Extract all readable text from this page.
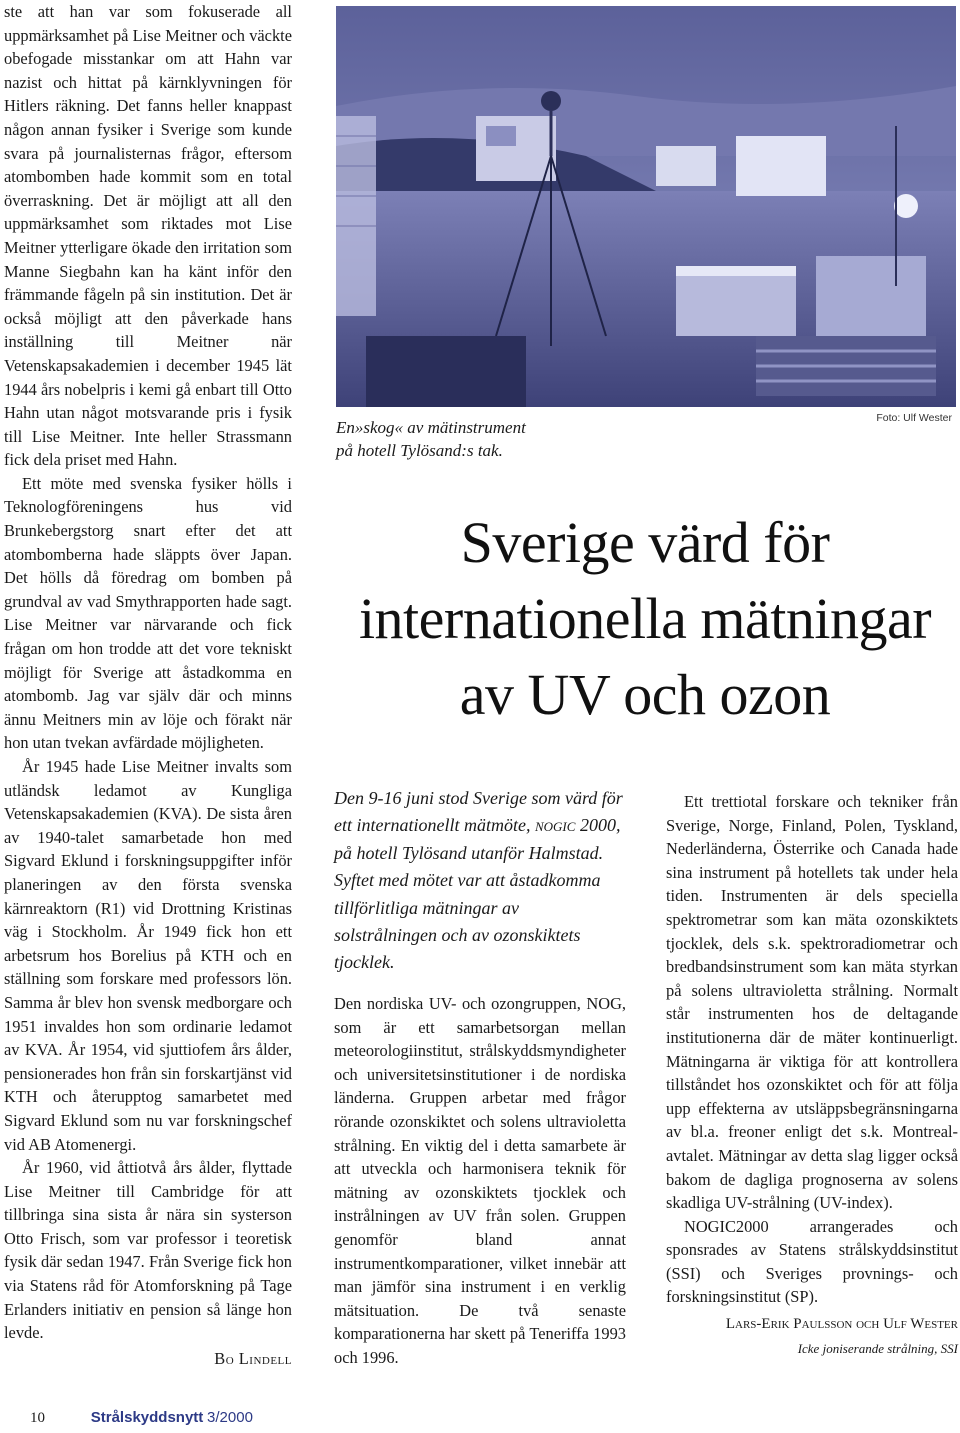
ste att han var som fokuserade all uppmärksamhet på Lise Meitner och väckte obefogade misstankar om att Hahn var nazist och hittat på kärnklyvningen för Hitlers räkning. Det fanns heller knappast någon annan fysiker i Sverige som kunde svara på journalisternas frågor, eftersom atombomben hade kommit som en total överraskning. Det är möjligt att all den uppmärksamhet som riktades mot Lise Meitner ytterligare ökade den irritation som Manne Siegbahn kan ha känt inför den främmande fågeln på sin institution. Det är också möjligt att den påverkade hans inställning till Meitner när Vetenskapsakademien i december 1945 lät 1944 års nobelpris i kemi gå enbart till Otto Hahn utan något motsvarande pris i fysik till Lise Meitner. Inte heller Strassmann fick dela priset med Hahn.

Ett möte med svenska fysiker hölls i Teknologföreningens hus vid Brunkebergstorg snart efter det att atombomberna hade släppts över Japan. Det hölls då föredrag om bomben på grundval av vad Smythrapporten hade sagt. Lise Meitner var närvarande och fick frågan om hon trodde att det vore tekniskt möjligt för Sverige att åstadkomma en atombomb. Jag var själv där och minns ännu Meitners min av löje och förakt när hon utan tvekan avfärdade möjligheten.

År 1945 hade Lise Meitner invalts som utländsk ledamot av Kungliga Vetenskapsakademien (KVA). De sista åren av 1940-talet samarbetade hon med Sigvard Eklund i forskningsuppgifter inför planeringen av den första svenska kärnreaktorn (R1) vid Drottning Kristinas väg i Stockholm. År 1949 fick hon ett arbetsrum hos Borelius på KTH och en ställning som forskare med professors lön. Samma år blev hon svensk medborgare och 1951 invaldes hon som ordinarie ledamot av KVA. År 1954, vid sjuttiofem års ålder, pensionerades hon från sin forskartjänst vid KTH och återupptog samarbetet med Sigvard Eklund som nu var forskningschef vid AB Atomenergi.

År 1960, vid åttiotvå års ålder, flyttade Lise Meitner till Cambridge för att tillbringa sina sista år nära sin systerson Otto Frisch, som var professor i teoretisk fysik där sedan 1947. Från Sverige fick hon via Statens råd för Atomforskning på Tage Erlanders initiativ en pension så länge hon levde.

Bo Lindell
En»skog« av mätinstrument
på hotell Tylösand:s tak.
Foto: Ulf Wester
Sverige värd för
internationella mätningar
av UV och ozon
Den 9-16 juni stod Sverige som värd för ett internationellt mätmöte, nogic 2000, på hotell Tylösand utanför Halmstad. Syftet med mötet var att åstadkomma tillförlitliga mätningar av solstrålningen och av ozonskiktets tjocklek.

Den nordiska UV- och ozongruppen, NOG, som är ett samarbetsorgan mellan meteorologiinstitut, strålskyddsmyndigheter och universitetsinstitutioner i de nordiska länderna. Gruppen arbetar med frågor rörande ozonskiktet och solens ultravioletta strålning. En viktig del i detta samarbete är att utveckla och harmonisera teknik för mätning av ozonskiktets tjocklek och instrålningen av UV från solen. Gruppen genomför bland annat instrumentkomparationer, vilket innebär att man jämför sina instrument i en verklig mätsituation. De två senaste komparationerna har skett på Teneriffa 1993 och 1996.

Ett trettiotal forskare och tekniker från Sverige, Norge, Finland, Polen, Tyskland, Nederländerna, Österrike och Canada hade sina instrument på hotellets tak under hela tiden. Instrumenten är dels speciella spektrometrar som kan mäta ozonskiktets tjocklek, dels s.k. spektroradiometrar och bredbandsinstrument som kan mäta styrkan på solens ultravioletta strålning. Normalt står instrumenten hos de deltagande institutionerna där de mäter kontinuerligt. Mätningarna är viktiga för att kontrollera tillståndet hos ozonskiktet och för att följa upp effekterna av utsläppsbegränsningarna av bl.a. freoner enligt det s.k. Montreal-avtalet. Mätningar av detta slag ligger också bakom de dagliga prognoserna av solens skadliga UV-strålning (UV-index).

NOGIC2000 arrangerades och sponsrades av Statens strålskyddsinstitut (SSI) och Sveriges provnings- och forskningsinstitut (SP).

Lars-Erik Paulsson och Ulf Wester
Icke joniserande strålning, SSI
10	Strålskyddsnytt 3/2000
